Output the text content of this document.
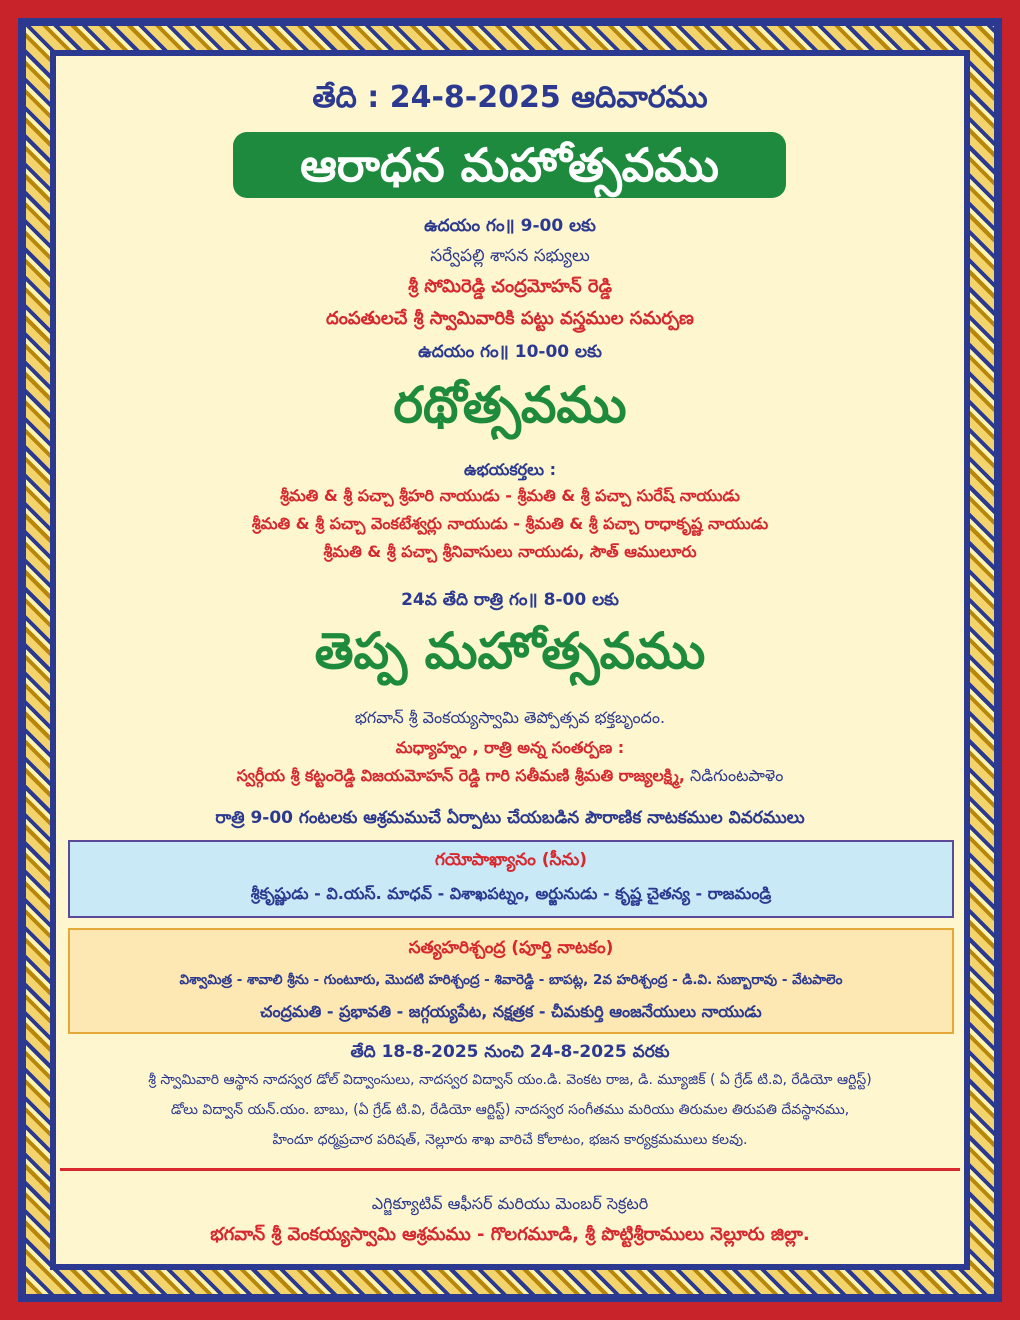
తేది : 24-8-2025 ఆదివారము
ఆరాధన మహోత్సవము
ఉదయం గం॥ 9-00 లకు
సర్వేపల్లి శాసన సభ్యులు
శ్రీ సోమిరెడ్డి చంద్రమోహన్ రెడ్డి
దంపతులచే శ్రీ స్వామివారికి పట్టు వస్త్రముల సమర్పణ
ఉదయం గం॥ 10-00 లకు
రథోత్సవము
ఉభయకర్తలు :
శ్రీమతి & శ్రీ పచ్చా శ్రీహరి నాయుడు - శ్రీమతి & శ్రీ పచ్చా సురేష్ నాయుడు
శ్రీమతి & శ్రీ పచ్చా వెంకటేశ్వర్లు నాయుడు - శ్రీమతి & శ్రీ పచ్చా రాధాకృష్ణ నాయుడు
శ్రీమతి & శ్రీ పచ్చా శ్రీనివాసులు నాయుడు, సౌత్ ఆములూరు
24వ తేది రాత్రి గం॥ 8-00 లకు
తెప్ప మహోత్సవము
భగవాన్ శ్రీ వెంకయ్యస్వామి తెప్పోత్సవ భక్తబృందం.
మధ్యాహ్నం , రాత్రి అన్న సంతర్పణ :
స్వర్గీయ శ్రీ కట్టంరెడ్డి విజయమోహన్ రెడ్డి గారి సతీమణి శ్రీమతి రాజ్యలక్ష్మి, నిడిగుంటపాళెం
రాత్రి 9-00 గంటలకు ఆశ్రమముచే ఏర్పాటు చేయబడిన పౌరాణిక నాటకముల వివరములు
గయోపాఖ్యానం (సీను)
శ్రీకృష్ణుడు - వి.యస్. మాధవ్ - విశాఖపట్నం, అర్జునుడు - కృష్ణ చైతన్య - రాజమండ్రి
సత్యహరిశ్చంద్ర (పూర్తి నాటకం)
విశ్వామిత్ర - శావాలి శ్రీను - గుంటూరు, మొదటి హరిశ్చంద్ర - శివారెడ్డి - బాపట్ల, 2వ హరిశ్చంద్ర - డి.వి. సుబ్బారావు - వేటపాలెం
చంద్రమతి - ప్రభావతి - జగ్గయ్యపేట, నక్షత్రక - చీమకుర్తి ఆంజనేయులు నాయుడు
తేది 18-8-2025 నుంచి 24-8-2025 వరకు
శ్రీ స్వామివారి ఆస్థాన నాదస్వర డోల్ విద్వాంసులు, నాదస్వర విద్వాన్ యం.డి. వెంకట రాజ, డి. మ్యూజిక్ ( ఏ గ్రేడ్ టి.వి, రేడియో ఆర్టిస్ట్)
డోలు విద్వాన్ యన్.యం. బాబు, (ఏ గ్రేడ్ టి.వి, రేడియో ఆర్టిస్ట్) నాదస్వర సంగీతము మరియు తిరుమల తిరుపతి దేవస్థానము,
హిందూ ధర్మప్రచార పరిషత్, నెల్లూరు శాఖ వారిచే కోలాటం, భజన కార్యక్రమములు కలవు.
ఎగ్జిక్యూటివ్ ఆఫీసర్ మరియు మెంబర్ సెక్రటరి
భగవాన్ శ్రీ వెంకయ్యస్వామి ఆశ్రమము - గొలగమూడి, శ్రీ పొట్టిశ్రీరాములు నెల్లూరు జిల్లా.
